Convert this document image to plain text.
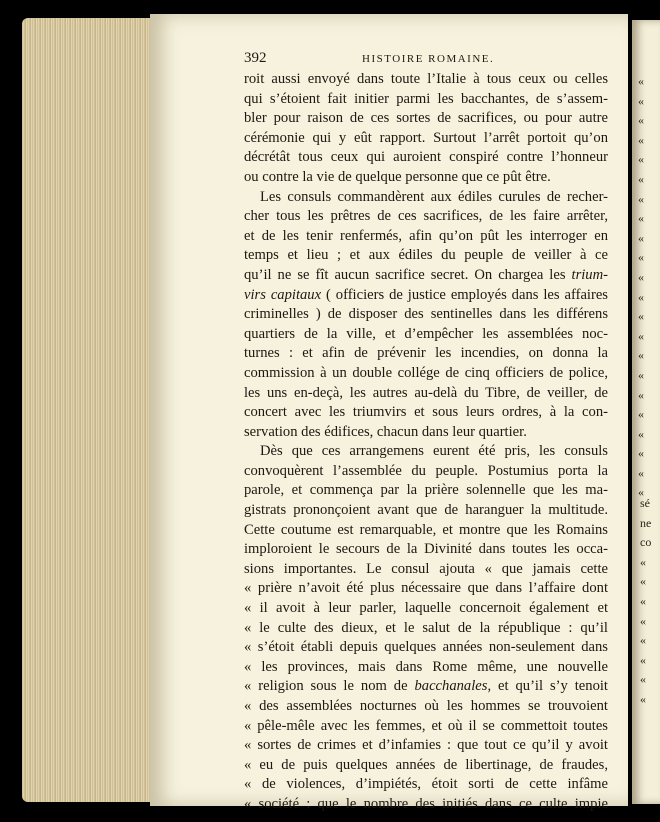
392	HISTOIRE ROMAINE.
roit aussi envoyé dans toute l’Italie à tous ceux ou celles
qui s’étoient fait initier parmi les bacchantes, de s’assem-
bler pour raison de ces sortes de sacrifices, ou pour autre
cérémonie qui y eût rapport. Surtout l’arrêt portoit qu’on
décrétât tous ceux qui auroient conspiré contre l’honneur
ou contre la vie de quelque personne que ce pût être.
Les consuls commandèrent aux édiles curules de recher-
cher tous les prêtres de ces sacrifices, de les faire arrêter,
et de les tenir renfermés, afin qu’on pût les interroger en
temps et lieu ; et aux édiles du peuple de veiller à ce
qu’il ne se fît aucun sacrifice secret. On chargea les trium-
virs capitaux ( officiers de justice employés dans les affaires
criminelles ) de disposer des sentinelles dans les différens
quartiers de la ville, et d’empêcher les assemblées noc-
turnes : et afin de prévenir les incendies, on donna la
commission à un double collége de cinq officiers de police,
les uns en-deçà, les autres au-delà du Tibre, de veiller, de
concert avec les triumvirs et sous leurs ordres, à la con-
servation des édifices, chacun dans leur quartier.
Dès que ces arrangemens eurent été pris, les consuls
convoquèrent l’assemblée du peuple. Postumius porta la
parole, et commença par la prière solennelle que les ma-
gistrats prononçoient avant que de haranguer la multitude.
Cette coutume est remarquable, et montre que les Romains
imploroient le secours de la Divinité dans toutes les occa-
sions importantes. Le consul ajouta « que jamais cette
« prière n’avoit été plus nécessaire que dans l’affaire dont
« il avoit à leur parler, laquelle concernoit également et
« le culte des dieux, et le salut de la république : qu’il
« s’étoit établi depuis quelques années non-seulement dans
« les provinces, mais dans Rome même, une nouvelle
« religion sous le nom de bacchanales, et qu’il s’y tenoit
« des assemblées nocturnes où les hommes se trouvoient
« pêle-mêle avec les femmes, et où il se commettoit toutes
« sortes de crimes et d’infamies : que tout ce qu’il y avoit
« eu de puis quelques années de libertinage, de fraudes,
« de violences, d’impiétés, étoit sorti de cette infâme
« société : que le nombre des initiés dans ce culte impie
«
«
«
«
«
«
«
«
«
«
«
«
«
«
«
«
«
«
«
«
«
«
sé
ne
co
«
«
«
«
«
«
«
«
